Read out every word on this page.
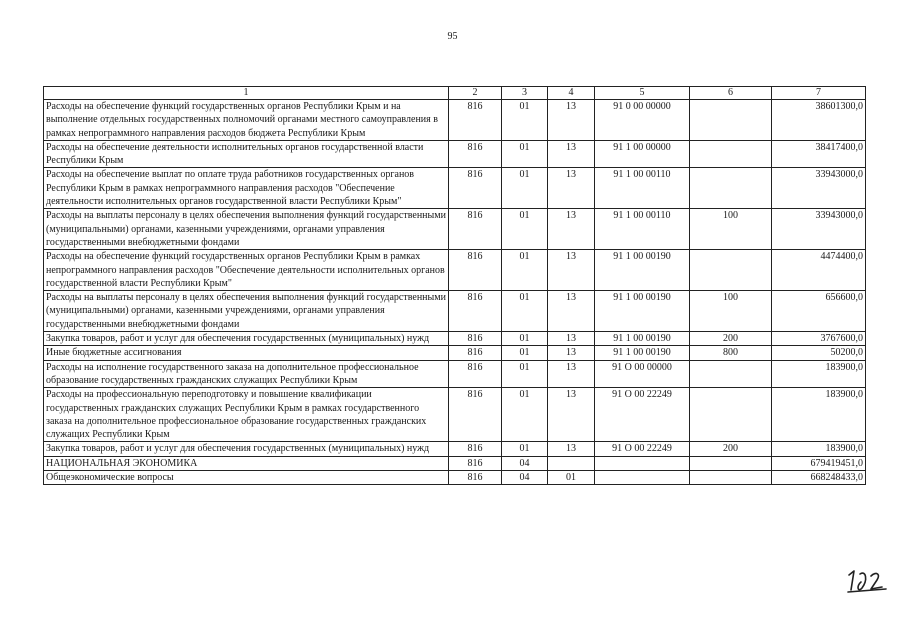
95
1	2	3	4	5	6	7
Расходы на обеспечение функций государственных органов Республики Крым и на выполнение отдельных государственных полномочий органами местного самоуправления в рамках непрограммного направления расходов бюджета Республики Крым	816	01	13	91 0 00 00000		38601300,0
Расходы на обеспечение деятельности исполнительных органов государственной власти Республики Крым	816	01	13	91 1 00 00000		38417400,0
Расходы на обеспечение выплат по оплате труда работников государственных органов Республики Крым в рамках непрограммного направления расходов "Обеспечение деятельности исполнительных органов государственной власти Республики Крым"	816	01	13	91 1 00 00110		33943000,0
Расходы на выплаты персоналу в целях обеспечения выполнения функций государственными (муниципальными) органами, казенными учреждениями, органами управления государственными внебюджетными фондами	816	01	13	91 1 00 00110	100	33943000,0
Расходы на обеспечение функций государственных органов Республики Крым в рамках непрограммного направления расходов "Обеспечение деятельности исполнительных органов государственной власти Республики Крым"	816	01	13	91 1 00 00190		4474400,0
Расходы на выплаты персоналу в целях обеспечения выполнения функций государственными (муниципальными) органами, казенными учреждениями, органами управления государственными внебюджетными фондами	816	01	13	91 1 00 00190	100	656600,0
Закупка товаров, работ и услуг для обеспечения государственных (муниципальных) нужд	816	01	13	91 1 00 00190	200	3767600,0
Иные бюджетные ассигнования	816	01	13	91 1 00 00190	800	50200,0
Расходы на исполнение государственного заказа на дополнительное профессиональное образование государственных гражданских служащих Республики Крым	816	01	13	91 О 00 00000		183900,0
Расходы на профессиональную переподготовку и повышение квалификации государственных гражданских служащих Республики Крым в рамках государственного заказа на дополнительное профессиональное образование государственных гражданских служащих Республики Крым	816	01	13	91 О 00 22249		183900,0
Закупка товаров, работ и услуг для обеспечения государственных (муниципальных) нужд	816	01	13	91 О 00 22249	200	183900,0
НАЦИОНАЛЬНАЯ ЭКОНОМИКА	816	04				679419451,0
Общеэкономические вопросы	816	04	01			668248433,0
